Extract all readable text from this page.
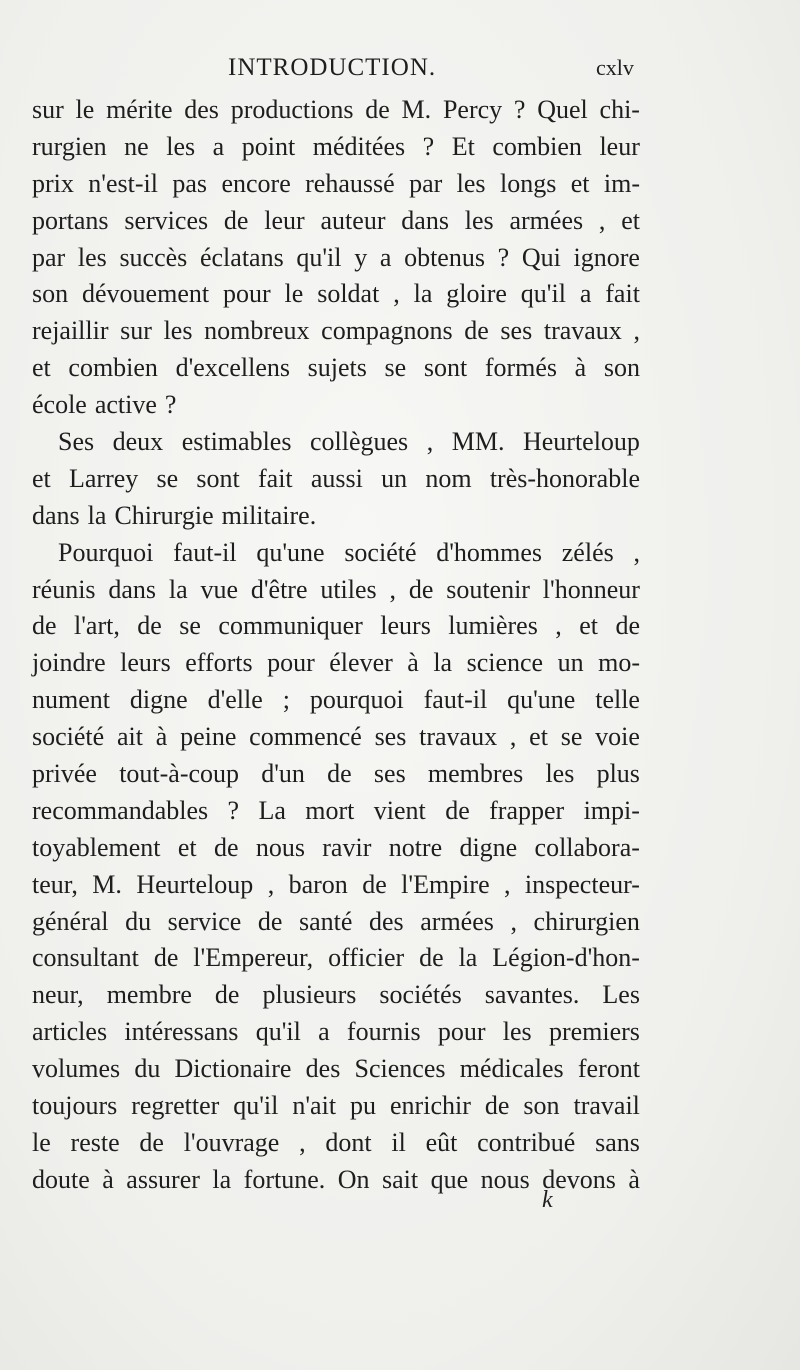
INTRODUCTION.	cxlv
sur le mérite des productions de M. Percy ? Quel chi-
rurgien ne les a point méditées ? Et combien leur
prix n'est-il pas encore rehaussé par les longs et im-
portans services de leur auteur dans les armées , et
par les succès éclatans qu'il y a obtenus ? Qui ignore
son dévouement pour le soldat , la gloire qu'il a fait
rejaillir sur les nombreux compagnons de ses travaux ,
et combien d'excellens sujets se sont formés à son
école active ?
Ses deux estimables collègues , MM. Heurteloup
et Larrey se sont fait aussi un nom très-honorable
dans la Chirurgie militaire.
Pourquoi faut-il qu'une société d'hommes zélés ,
réunis dans la vue d'être utiles , de soutenir l'honneur
de l'art, de se communiquer leurs lumières , et de
joindre leurs efforts pour élever à la science un mo-
nument digne d'elle ; pourquoi faut-il qu'une telle
société ait à peine commencé ses travaux , et se voie
privée tout-à-coup d'un de ses membres les plus
recommandables ? La mort vient de frapper impi-
toyablement et de nous ravir notre digne collabora-
teur, M. Heurteloup , baron de l'Empire , inspecteur-
général du service de santé des armées , chirurgien
consultant de l'Empereur, officier de la Légion-d'hon-
neur, membre de plusieurs sociétés savantes. Les
articles intéressans qu'il a fournis pour les premiers
volumes du Dictionaire des Sciences médicales feront
toujours regretter qu'il n'ait pu enrichir de son travail
le reste de l'ouvrage , dont il eût contribué sans
doute à assurer la fortune. On sait que nous devons à
k
